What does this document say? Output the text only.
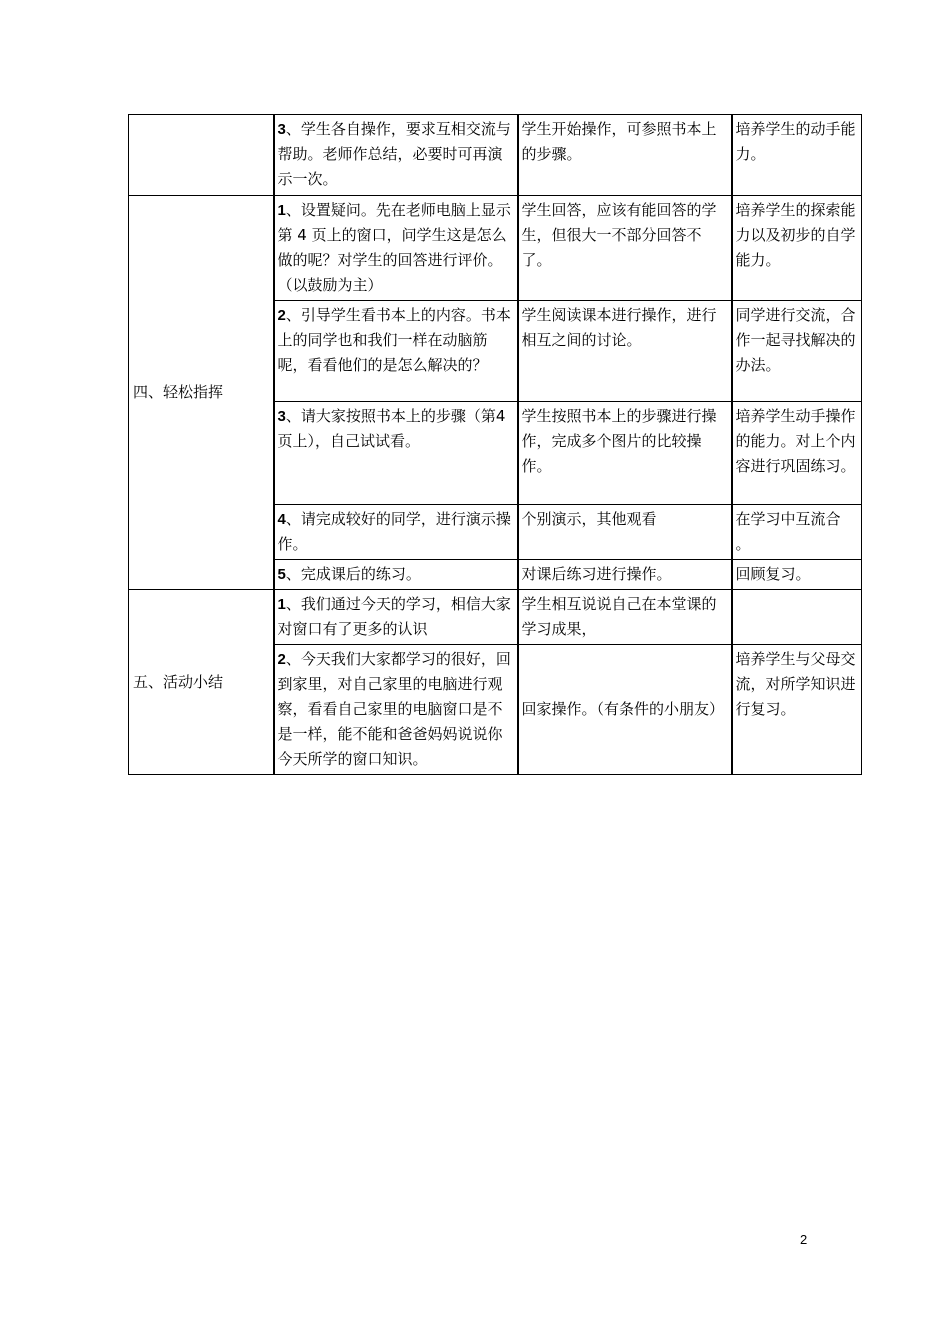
	3、学生各自操作，要求互相交流与帮助。老师作总结，必要时可再演示一次。	学生开始操作，可参照书本上的步骤。	培养学生的动手能力。
四、轻松指挥	1、设置疑问。先在老师电脑上显示第 4 页上的窗口，问学生这是怎么做的呢？对学生的回答进行评价。（以鼓励为主）	学生回答，应该有能回答的学生，但很大一不部分回答不了。	培养学生的探索能力以及初步的自学能力。
	2、引导学生看书本上的内容。书本上的同学也和我们一样在动脑筋呢，看看他们的是怎么解决的？	学生阅读课本进行操作，进行相互之间的讨论。	同学进行交流，合作一起寻找解决的办法。
	3、请大家按照书本上的步骤（第4页上），自己试试看。	学生按照书本上的步骤进行操作，完成多个图片的比较操作。	培养学生动手操作的能力。对上个内容进行巩固练习。
	4、请完成较好的同学，进行演示操作。	个别演示，其他观看	在学习中互流合 。
	5、完成课后的练习。	对课后练习进行操作。	回顾复习。
五、活动小结	1、我们通过今天的学习，相信大家对窗口有了更多的认识	学生相互说说自己在本堂课的学习成果，	
	2、今天我们大家都学习的很好，回到家里，对自己家里的电脑进行观察，看看自己家里的电脑窗口是不是一样，能不能和爸爸妈妈说说你今天所学的窗口知识。	回家操作。（有条件的小朋友）	培养学生与父母交流，对所学知识进行复习。
2
